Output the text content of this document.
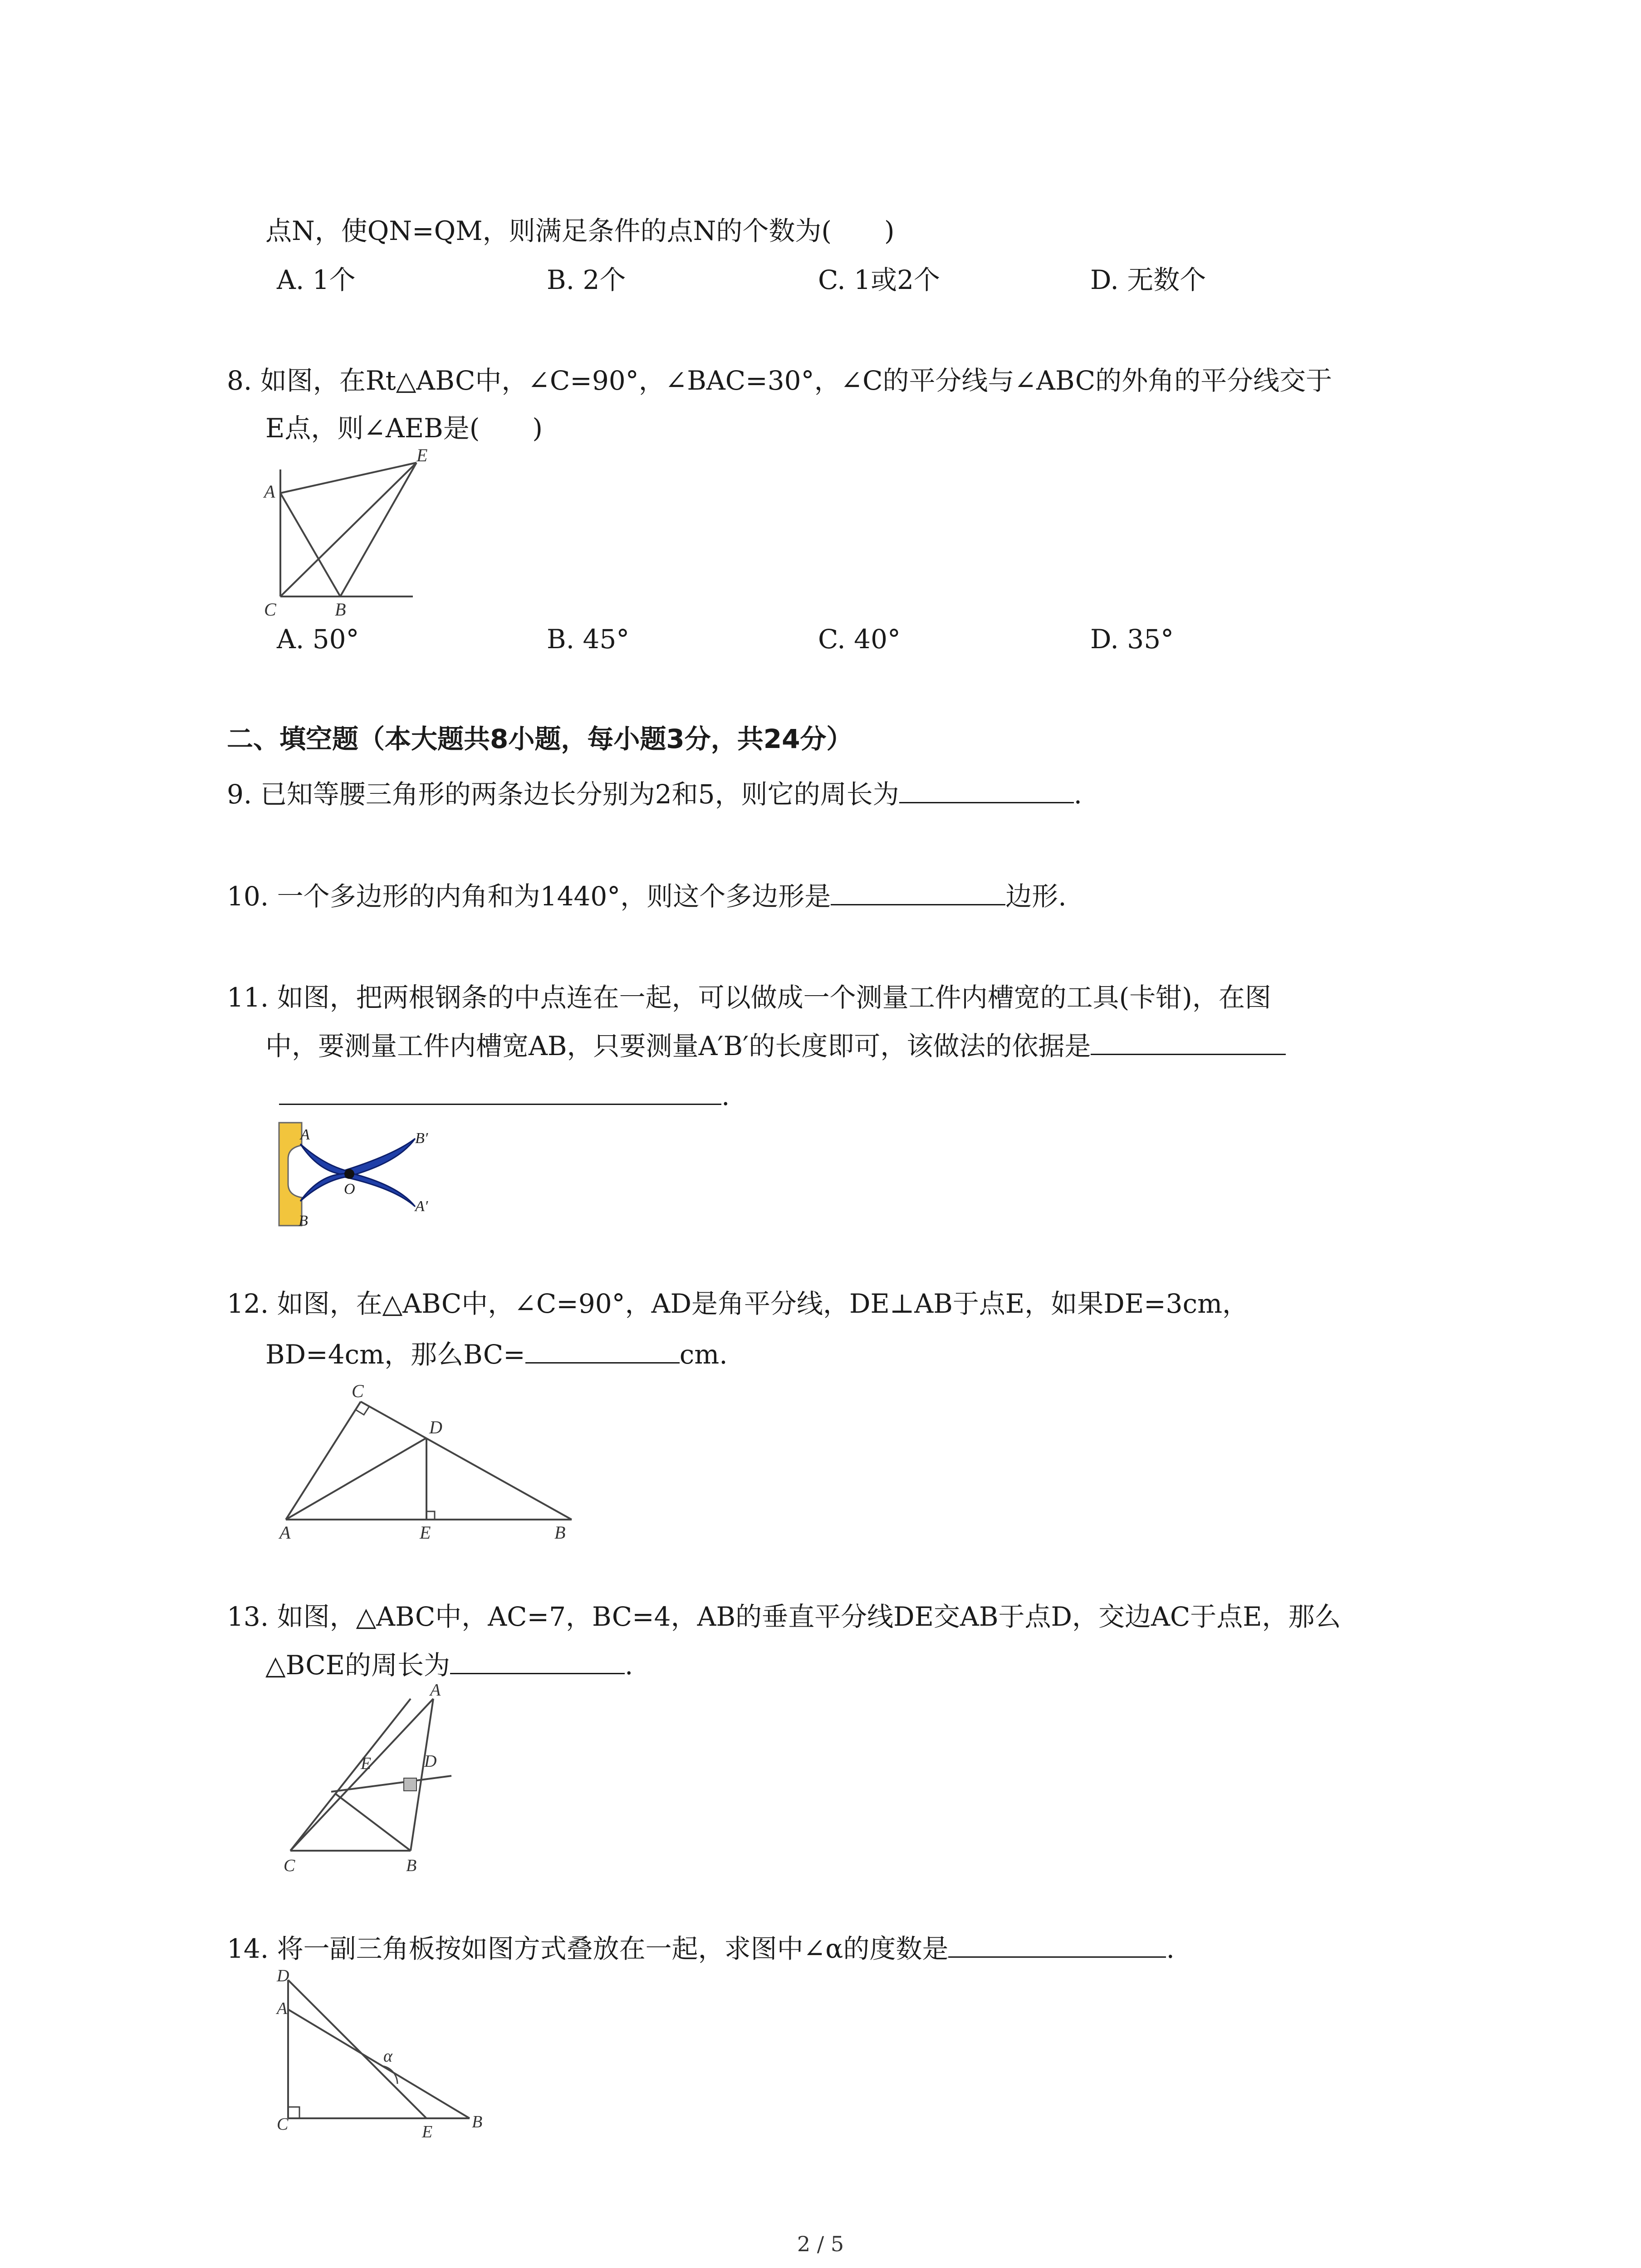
点N，使QN=QM，则满足条件的点N的个数为(　　)
A. 1个	B. 2个	C. 1或2个	D. 无数个
8. 如图，在Rt△ABC中，∠C=90°，∠BAC=30°，∠C的平分线与∠ABC的外角的平分线交于
E点，则∠AEB是(　　)
A
C	B
E
A. 50°	B. 45°	C. 40°	D. 35°
二、填空题（本大题共8小题，每小题3分，共24分）
9. 已知等腰三角形的两条边长分别为2和5，则它的周长为	.
10. 一个多边形的内角和为1440°，则这个多边形是	边形.
11. 如图，把两根钢条的中点连在一起，可以做成一个测量工件内槽宽的工具(卡钳)，在图
中，要测量工件内槽宽AB，只要测量A′B′的长度即可，该做法的依据是
.
A
B
O
B′
A′
12. 如图，在△ABC中，∠C=90°，AD是角平分线，DE⊥AB于点E，如果DE=3cm，
BD=4cm，那么BC=	cm.
A
C
D
E	B
13. 如图，△ABC中，AC=7，BC=4，AB的垂直平分线DE交AB于点D，交边AC于点E，那么
△BCE的周长为	.
A
E	D
C	B
14. 将一副三角板按如图方式叠放在一起，求图中∠α的度数是	.
D
A
C	E
B
α
2 / 5
